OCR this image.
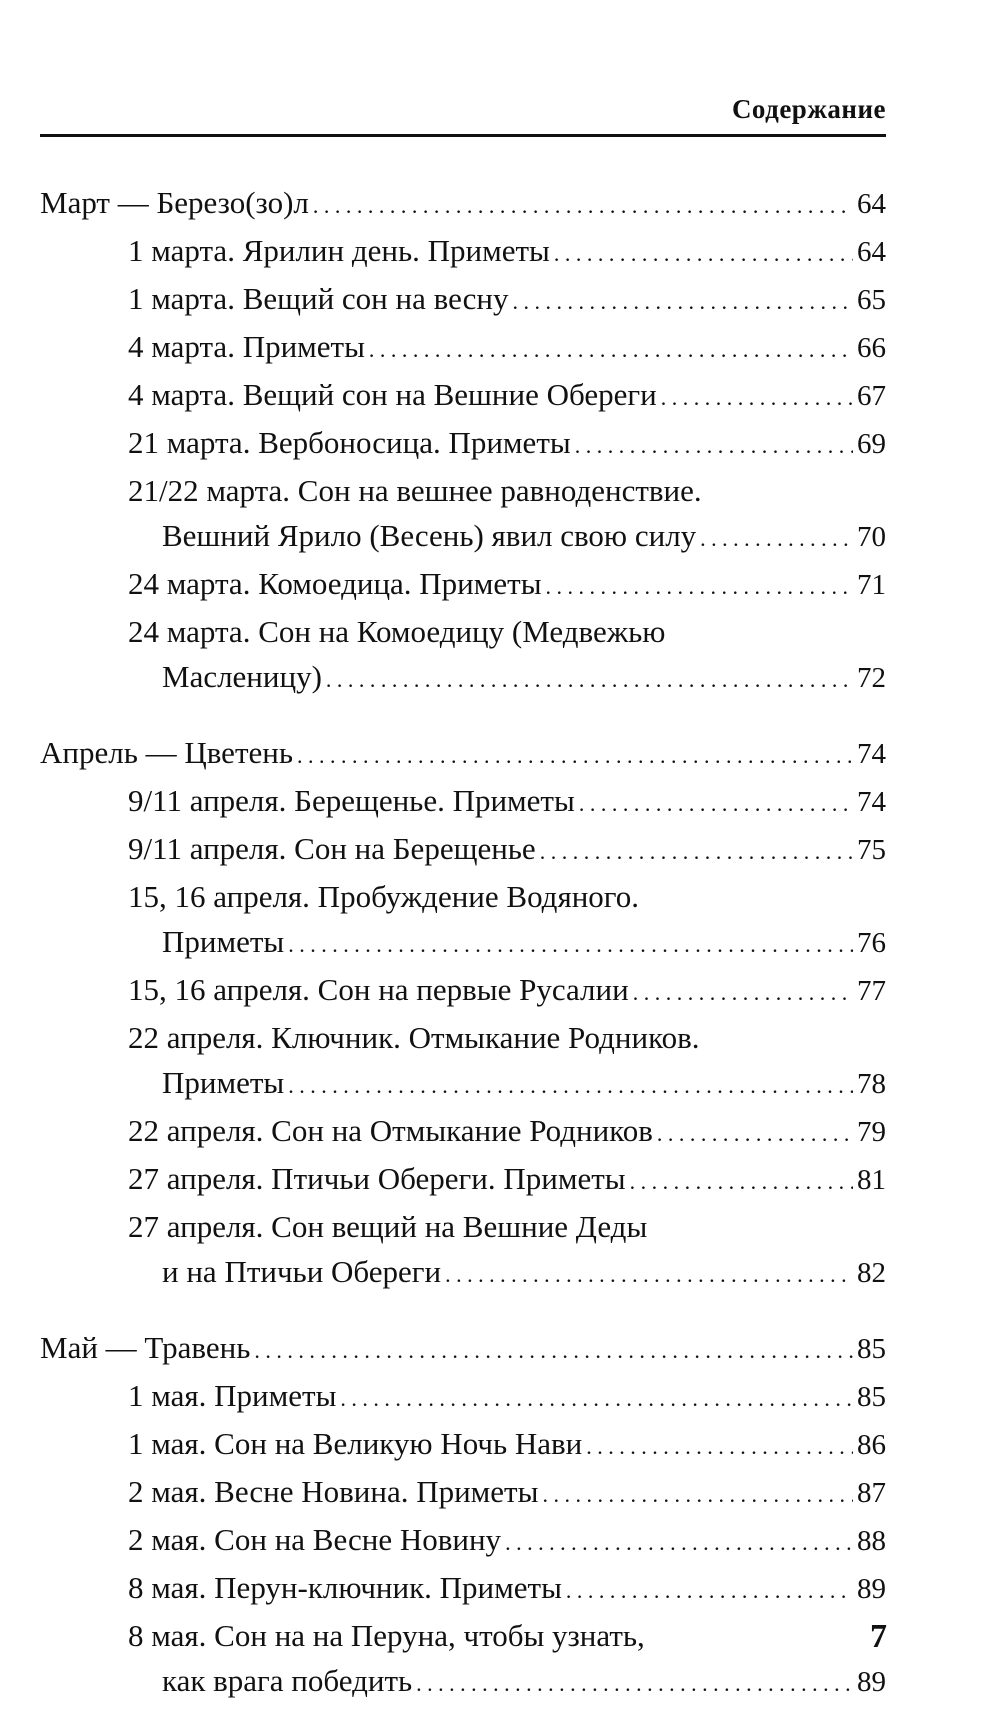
Содержание
Март — Березо(зо)л . . .	64
1 марта. Ярилин день. Приметы . . .	64
1 марта. Вещий сон на весну . . .	65
4 марта. Приметы . . .	66
4 марта. Вещий сон на Вешние Обереги . . .	67
21 марта. Вербоносица. Приметы . . .	69
21/22 марта. Сон на вешнее равноденствие.
Вешний Ярило (Весень) явил свою силу . . .	70
24 марта. Комоедица. Приметы . . .	71
24 марта. Сон на Комоедицу (Медвежью
Масленицу) . . .	72
Апрель — Цветень . . .	74
9/11 апреля. Берещенье. Приметы . . .	74
9/11 апреля. Сон на Берещенье . . .	75
15, 16 апреля. Пробуждение Водяного.
Приметы . . .	76
15, 16 апреля. Сон на первые Русалии . . .	77
22 апреля. Ключник. Отмыкание Родников.
Приметы . . .	78
22 апреля. Сон на Отмыкание Родников . . .	79
27 апреля. Птичьи Обереги. Приметы . . .	81
27 апреля. Сон вещий на Вешние Деды
и на Птичьи Обереги . . .	82
Май — Травень . . .	85
1 мая. Приметы . . .	85
1 мая. Сон на Великую Ночь Нави . . .	86
2 мая. Весне Новина. Приметы . . .	87
2 мая. Сон на Весне Новину . . .	88
8 мая. Перун-ключник. Приметы . . .	89
8 мая. Сон на на Перуна, чтобы узнать,
как врага победить . . .	89
7
